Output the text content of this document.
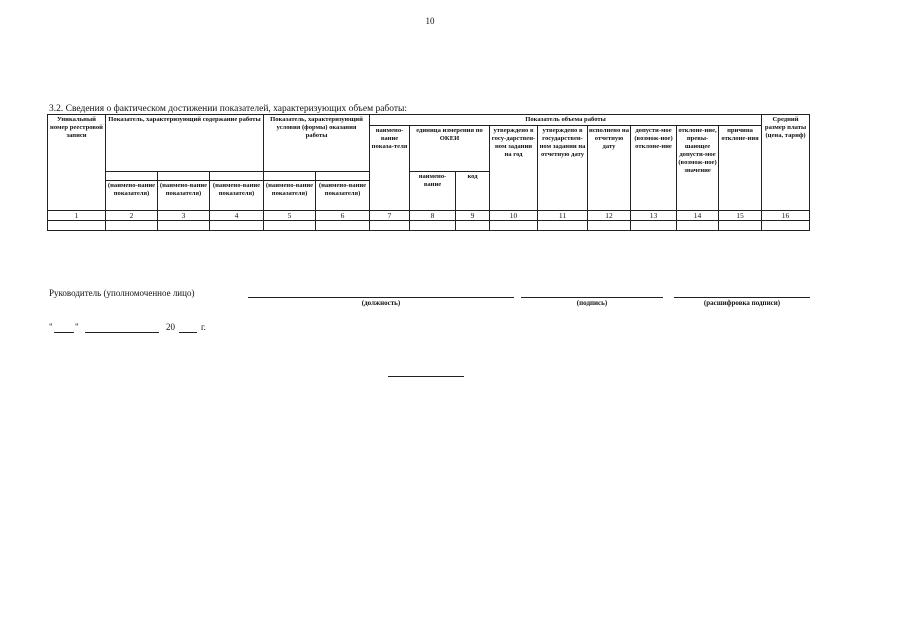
10
3.2. Сведения о фактическом достижении показателей, характеризующих объем работы:
Уникальный номер реестровой записи	Показатель, характеризующий содержание работы			Показатель, характеризующий условия (формы) оказания работы		Показатель объема работы									Средний размер платы (цена, тариф)
						наимено-вание показа-теля	единица измерения по ОКЕИ		утверждено в госу-дарствен-ном задании на год	утверждено в государствен-ном задании на отчетную дату	исполнено на отчетную дату	допусти-мое (возмож-ное) отклоне-ние	отклоне-ние, превы-шающее допусти-мое (возмож-ное) значение	причина отклоне-ния	
							наимено-вание	код							
	(наимено-вание показателя)	(наимено-вание показателя)	(наимено-вание показателя)	(наимено-вание показателя)	(наимено-вание показателя)										
1	2	3	4	5	6	7	8	9	10	11	12	13	14	15	16

Руководитель (уполномоченное лицо)
(должность)	(подпись)	(расшифровка подписи)
" "	20	г.
